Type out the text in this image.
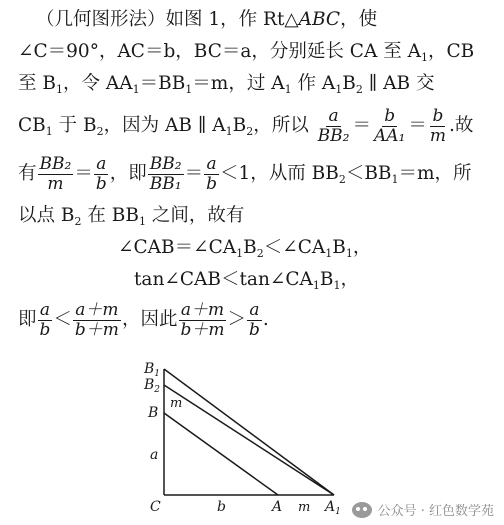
（几何图形法）如图 1，作 Rt△ABC，使
∠C＝90°，AC＝b，BC＝a，分别延长 CA 至 $A_1$，CB
至 $B_1$，令 $AA_1=BB_1=m$，过 $A_1$ 作 $A_1B_2$ ∥ AB 交
$CB_1$ 于 $B_2$，因为 AB ∥ $A_1B_2$，所以 $\frac{a}{\text{BB₂}} = \frac{b}{\text{AA₁}} = \frac{b}{m}$ .故
有 $\frac{\text{BB₂}}{m} = \frac{a}{b}$ ，即 $\frac{\text{BB₂}}{\text{BB₁}} = \frac{a}{b} <1$，从而 $BB_2<BB_1=m$，所
以点 $B_2$ 在 $BB_1$ 之间，故有
$\angle CAB=\angle CA_1B_2<\angle CA_1B_1$，
$\tan\angle CAB<\tan\angle CA_1B_1$，
即 $\frac{a}{b} < \frac{a+m}{b+m}$ ，因此 $\frac{a+m}{b+m} > \frac{a}{b}$ .
$B_1$
$B_2$
B
m
a
C	b	A m $A_1$	公众号 · 红色数学苑
